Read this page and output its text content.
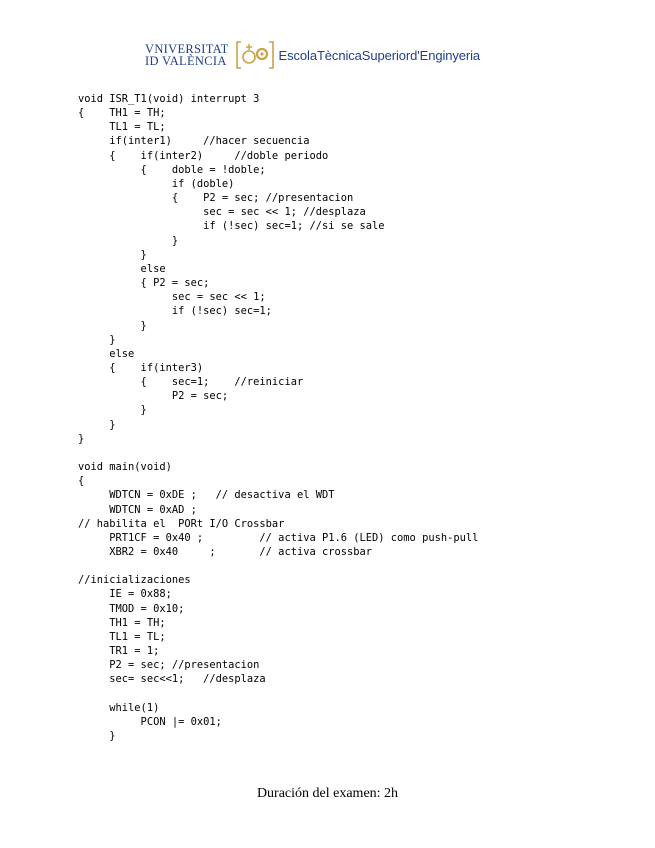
VNIVERSITAT
ID VALÈNCIA	EscolaTècnicaSuperiord'Enginyeria
void ISR_T1(void) interrupt 3
{    TH1 = TH;
TL1 = TL;
if(inter1)     //hacer secuencia
{    if(inter2)     //doble periodo
{    doble = !doble;
if (doble)
{    P2 = sec; //presentacion
sec = sec << 1; //desplaza
if (!sec) sec=1; //si se sale
}
}
else
{ P2 = sec;
sec = sec << 1;
if (!sec) sec=1;
}
}
else
{    if(inter3)
{    sec=1;    //reiniciar
P2 = sec;
}
}
}
void main(void)
{
WDTCN = 0xDE ;   // desactiva el WDT
WDTCN = 0xAD ;
// habilita el  PORt I/O Crossbar
PRT1CF = 0x40 ;         // activa P1.6 (LED) como push-pull
XBR2 = 0x40     ;       // activa crossbar
//inicializaciones
IE = 0x88;
TMOD = 0x10;
TH1 = TH;
TL1 = TL;
TR1 = 1;
P2 = sec; //presentacion
sec= sec<<1;   //desplaza
while(1)
PCON |= 0x01;
}
Duración del examen: 2h
